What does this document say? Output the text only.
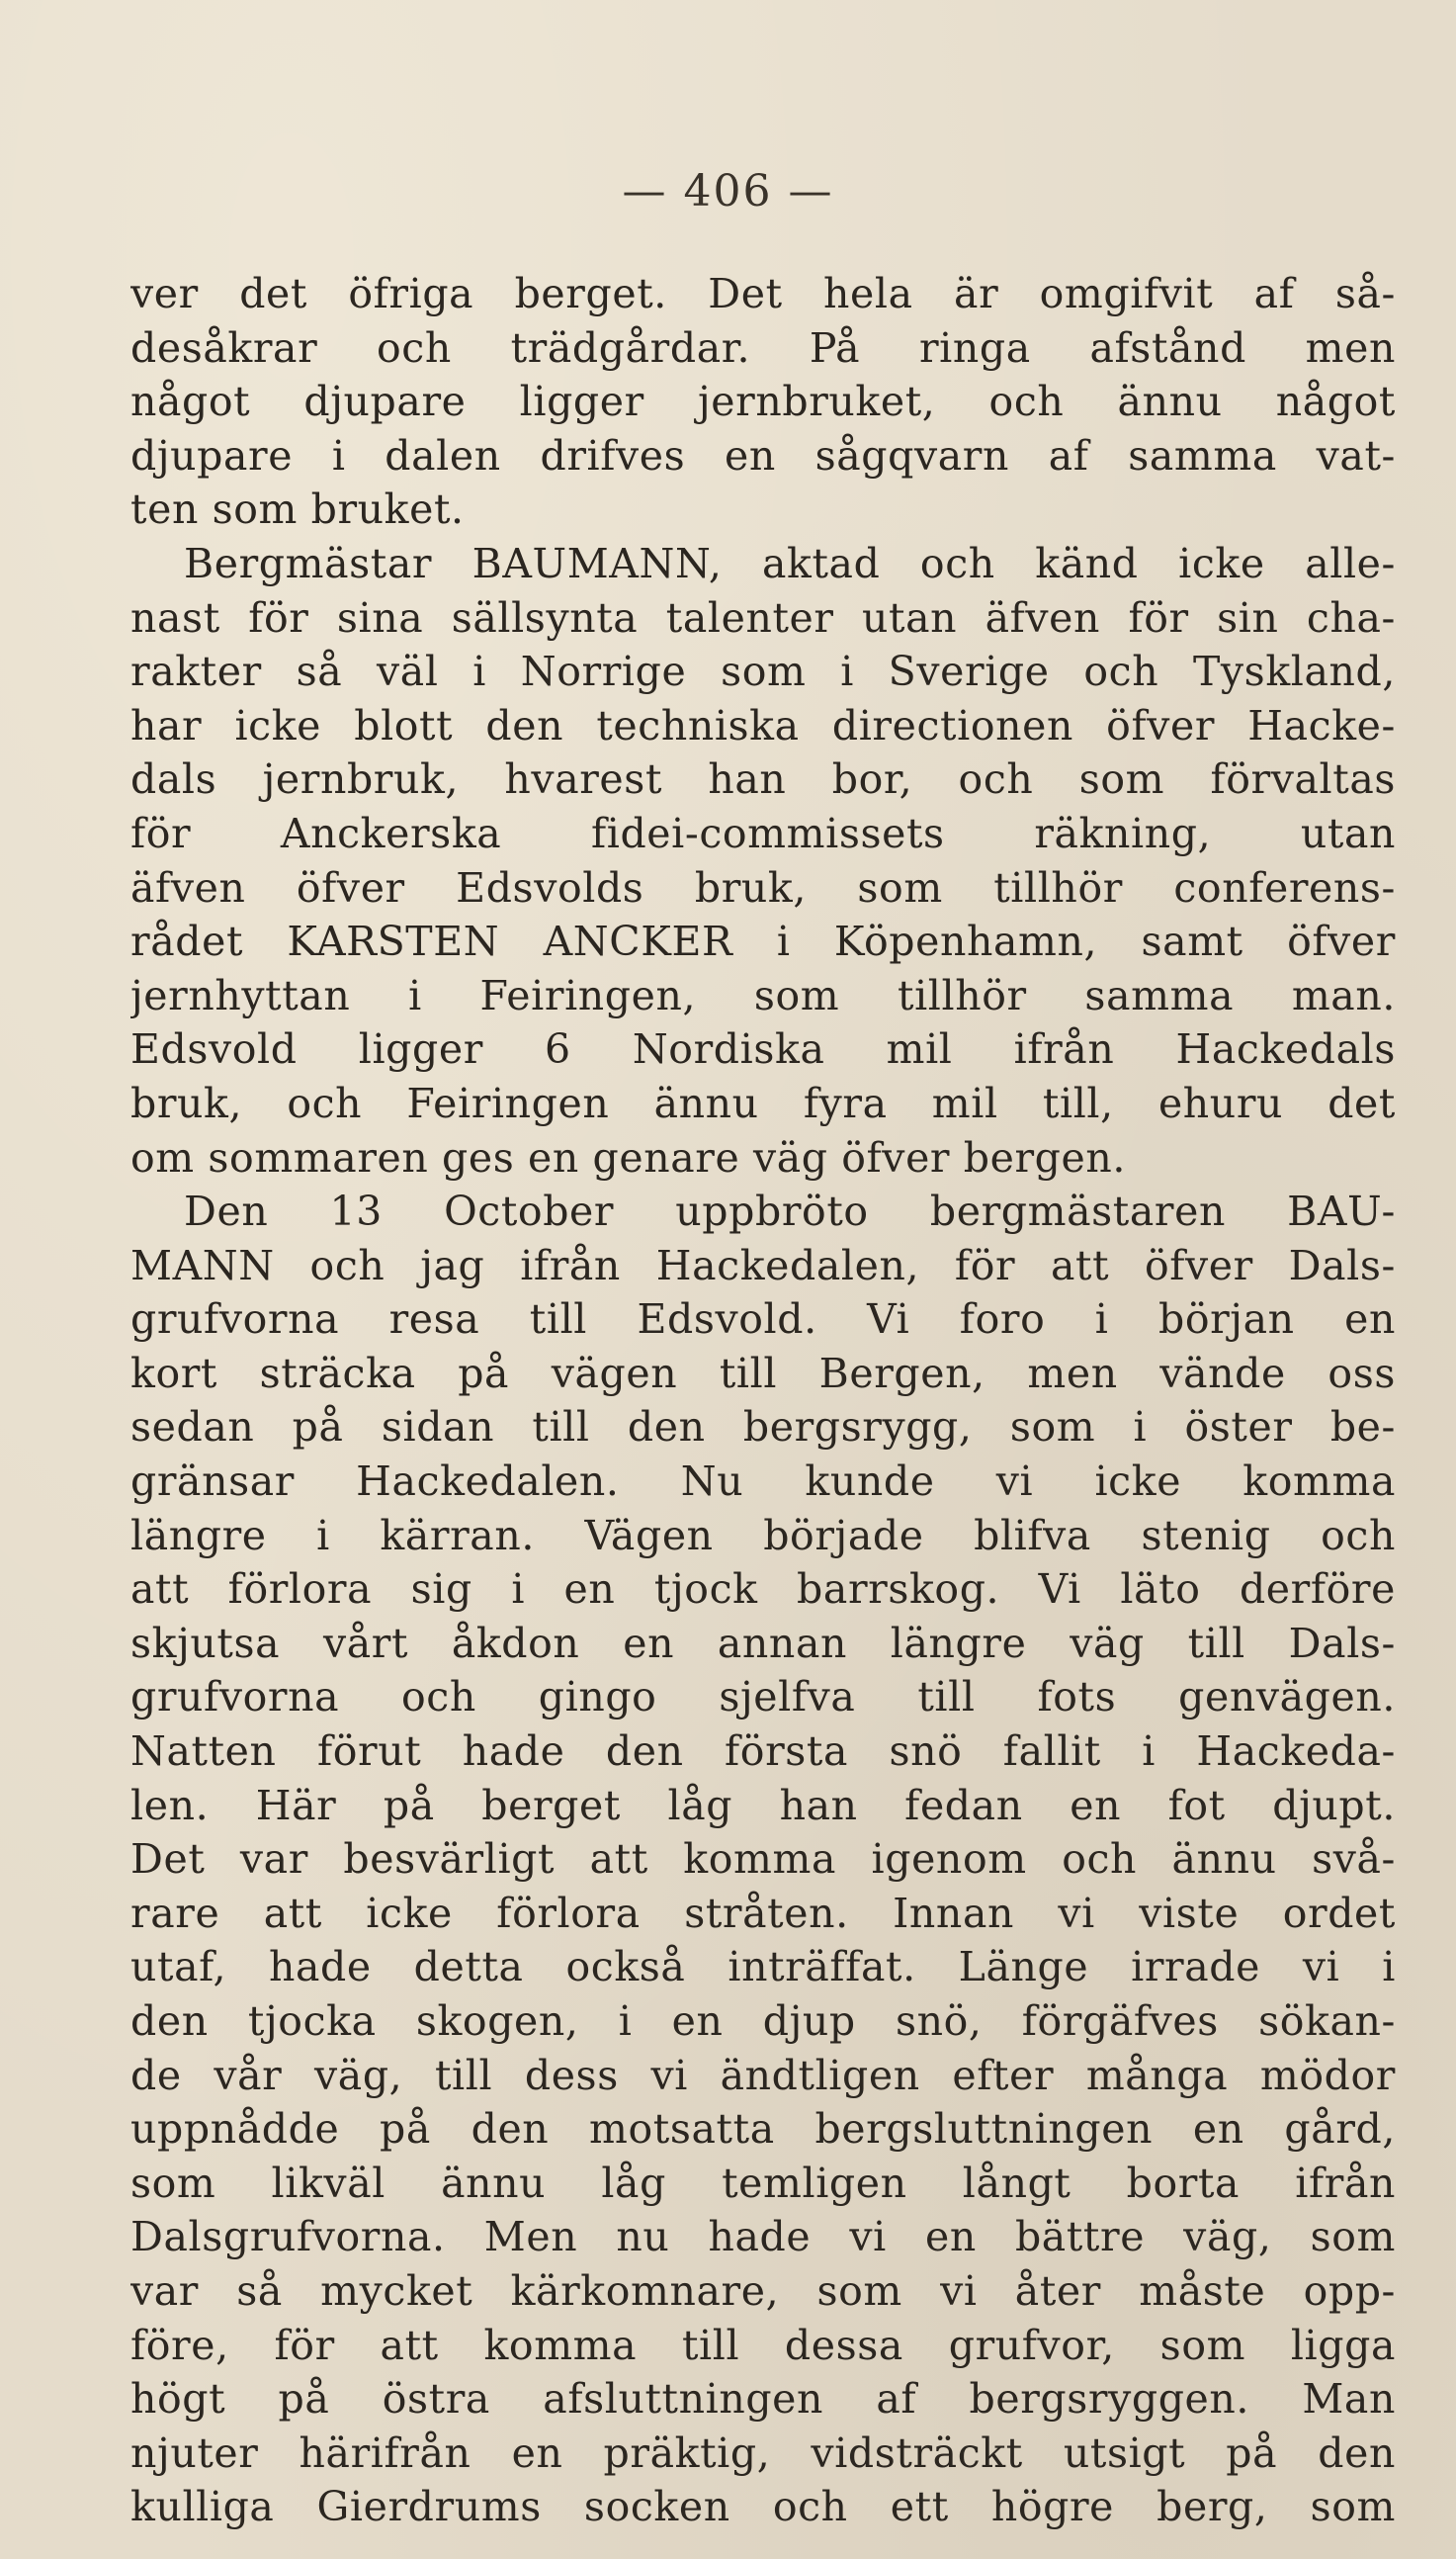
— 406 —
ver det öfriga berget. Det hela är omgifvit af så-
desåkrar och trädgårdar. På ringa afstånd men
något djupare ligger jernbruket, och ännu något
djupare i dalen drifves en sågqvarn af samma vat-
ten som bruket.
Bergmästar BAUMANN, aktad och känd icke alle-
nast för sina sällsynta talenter utan äfven för sin cha-
rakter så väl i Norrige som i Sverige och Tyskland,
har icke blott den techniska directionen öfver Hacke-
dals jernbruk, hvarest han bor, och som förvaltas
för Anckerska fidei-commissets räkning, utan
äfven öfver Edsvolds bruk, som tillhör conferens-
rådet KARSTEN ANCKER i Köpenhamn, samt öfver
jernhyttan i Feiringen, som tillhör samma man.
Edsvold ligger 6 Nordiska mil ifrån Hackedals
bruk, och Feiringen ännu fyra mil till, ehuru det
om sommaren ges en genare väg öfver bergen.
Den 13 October uppbröto bergmästaren BAU-
MANN och jag ifrån Hackedalen, för att öfver Dals-
grufvorna resa till Edsvold. Vi foro i början en
kort sträcka på vägen till Bergen, men vände oss
sedan på sidan till den bergsrygg, som i öster be-
gränsar Hackedalen. Nu kunde vi icke komma
längre i kärran. Vägen började blifva stenig och
att förlora sig i en tjock barrskog. Vi läto derföre
skjutsa vårt åkdon en annan längre väg till Dals-
grufvorna och gingo sjelfva till fots genvägen.
Natten förut hade den första snö fallit i Hackeda-
len. Här på berget låg han fedan en fot djupt.
Det var besvärligt att komma igenom och ännu svå-
rare att icke förlora stråten. Innan vi viste ordet
utaf, hade detta också inträffat. Länge irrade vi i
den tjocka skogen, i en djup snö, förgäfves sökan-
de vår väg, till dess vi ändtligen efter många mödor
uppnådde på den motsatta bergsluttningen en gård,
som likväl ännu låg temligen långt borta ifrån
Dalsgrufvorna. Men nu hade vi en bättre väg, som
var så mycket kärkomnare, som vi åter måste opp-
före, för att komma till dessa grufvor, som ligga
högt på östra afsluttningen af bergsryggen. Man
njuter härifrån en präktig, vidsträckt utsigt på den
kulliga Gierdrums socken och ett högre berg, som
